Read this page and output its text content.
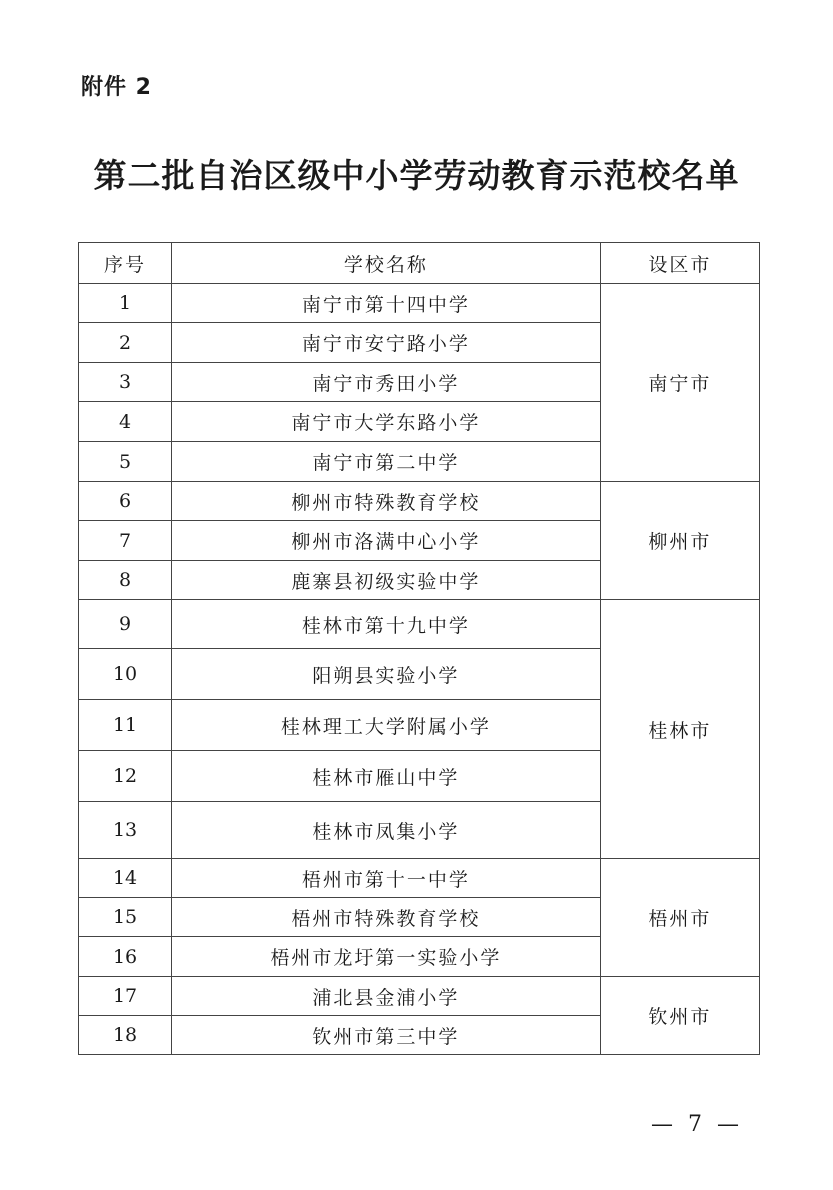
附件 2
第二批自治区级中小学劳动教育示范校名单
序号	学校名称	设区市
1	南宁市第十四中学	南宁市
2	南宁市安宁路小学	
3	南宁市秀田小学	
4	南宁市大学东路小学	
5	南宁市第二中学	
6	柳州市特殊教育学校	柳州市
7	柳州市洛满中心小学	
8	鹿寨县初级实验中学	
9	桂林市第十九中学	桂林市
10	阳朔县实验小学	
11	桂林理工大学附属小学	
12	桂林市雁山中学	
13	桂林市凤集小学	
14	梧州市第十一中学	梧州市
15	梧州市特殊教育学校	
16	梧州市龙圩第一实验小学	
17	浦北县金浦小学	钦州市
18	钦州市第三中学	
— 7 —
